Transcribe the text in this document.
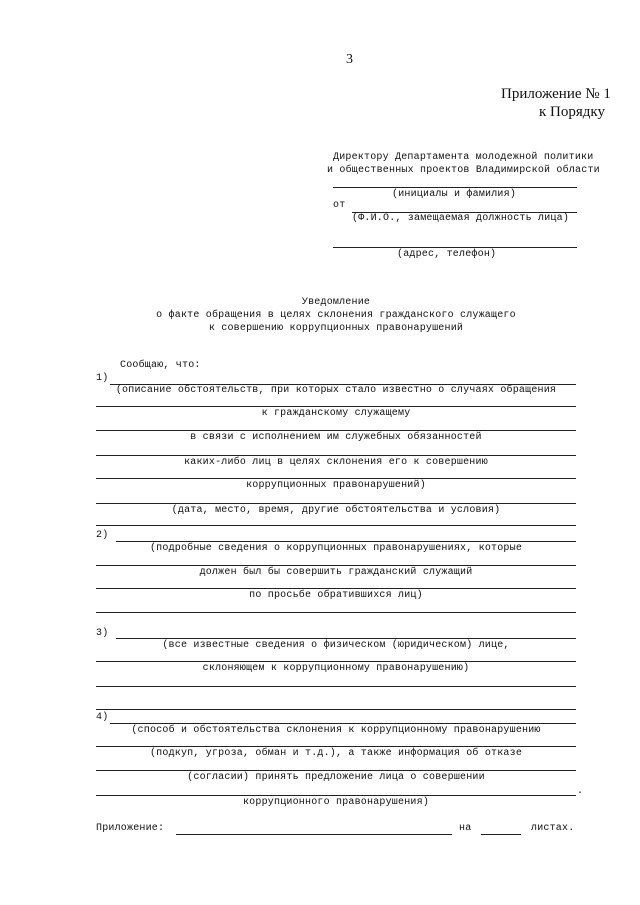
3
Приложение № 1
к Порядку
Директору Департамента молодежной политики
и общественных проектов Владимирской области
(инициалы и фамилия)
от
(Ф.И.О., замещаемая должность лица)
(адрес, телефон)
Уведомление
о факте обращения в целях склонения гражданского служащего
к совершению коррупционных правонарушений
Сообщаю, что:
1)
(описание обстоятельств, при которых стало известно о случаях обращения
к гражданскому служащему
в связи с исполнением им служебных обязанностей
каких-либо лиц в целях склонения его к совершению
коррупционных правонарушений)
(дата, место, время, другие обстоятельства и условия)
2)
(подробные сведения о коррупционных правонарушениях, которые
должен был бы совершить гражданский служащий
по просьбе обратившихся лиц)
3)
(все известные сведения о физическом (юридическом) лице,
склоняющем к коррупционному правонарушению)
4)
(способ и обстоятельства склонения к коррупционному правонарушению
(подкуп, угроза, обман и т.д.), а также информация об отказе
(согласии) принять предложение лица о совершении
.
коррупционного правонарушения)
Приложение:	на	листах.
